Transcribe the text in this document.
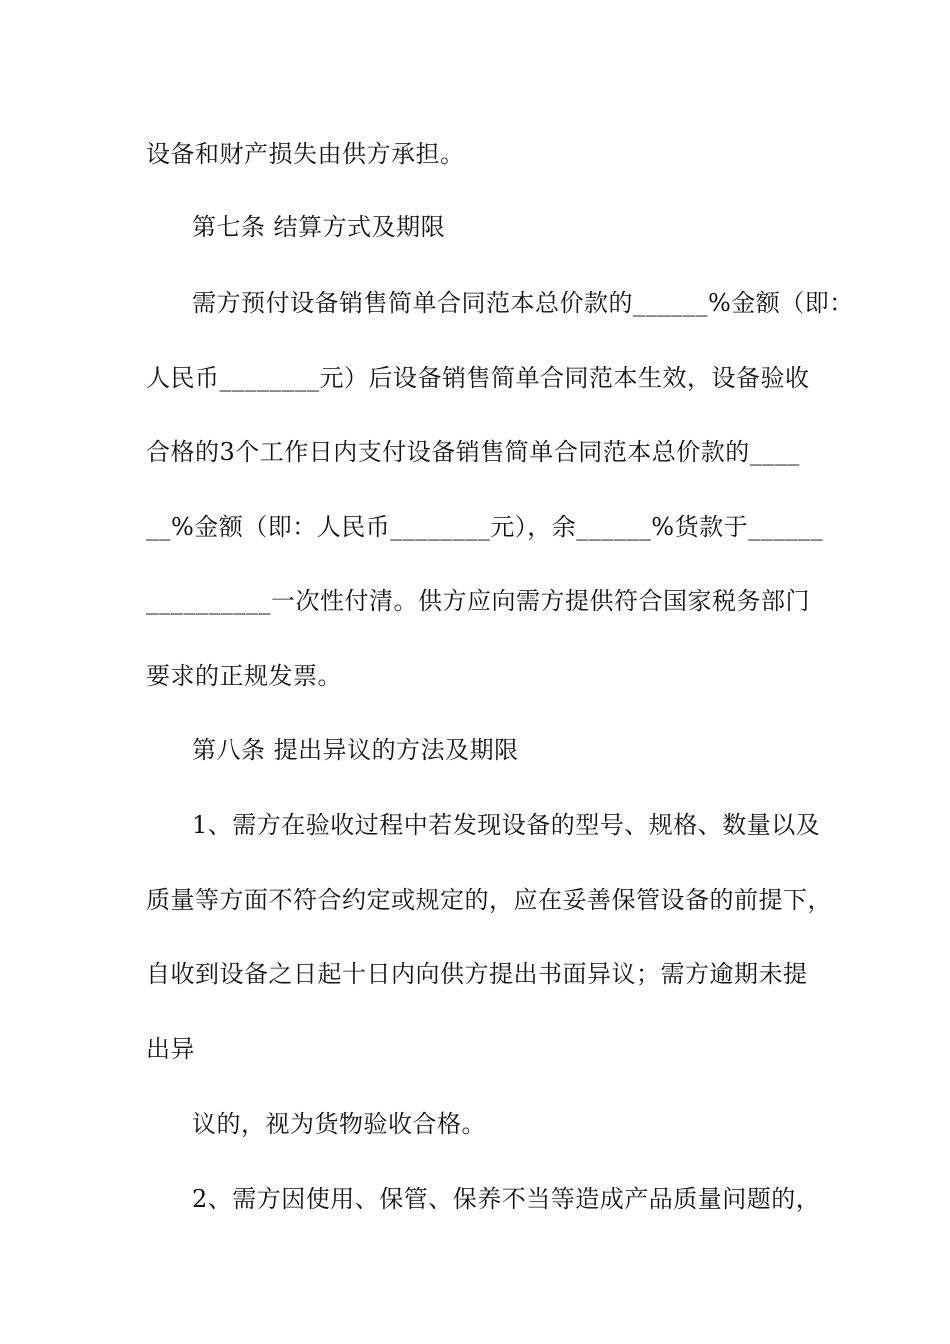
设备和财产损失由供方承担。

第七条 结算方式及期限

需方预付设备销售简单合同范本总价款的______%金额（即：

人民币________元）后设备销售简单合同范本生效，设备验收

合格的3个工作日内支付设备销售简单合同范本总价款的____

__%金额（即：人民币________元），余______%货款于______

__________一次性付清。供方应向需方提供符合国家税务部门

要求的正规发票。

第八条 提出异议的方法及期限

1、需方在验收过程中若发现设备的型号、规格、数量以及

质量等方面不符合约定或规定的，应在妥善保管设备的前提下，

自收到设备之日起十日内向供方提出书面异议；需方逾期未提

出异

议的，视为货物验收合格。

2、需方因使用、保管、保养不当等造成产品质量问题的，
